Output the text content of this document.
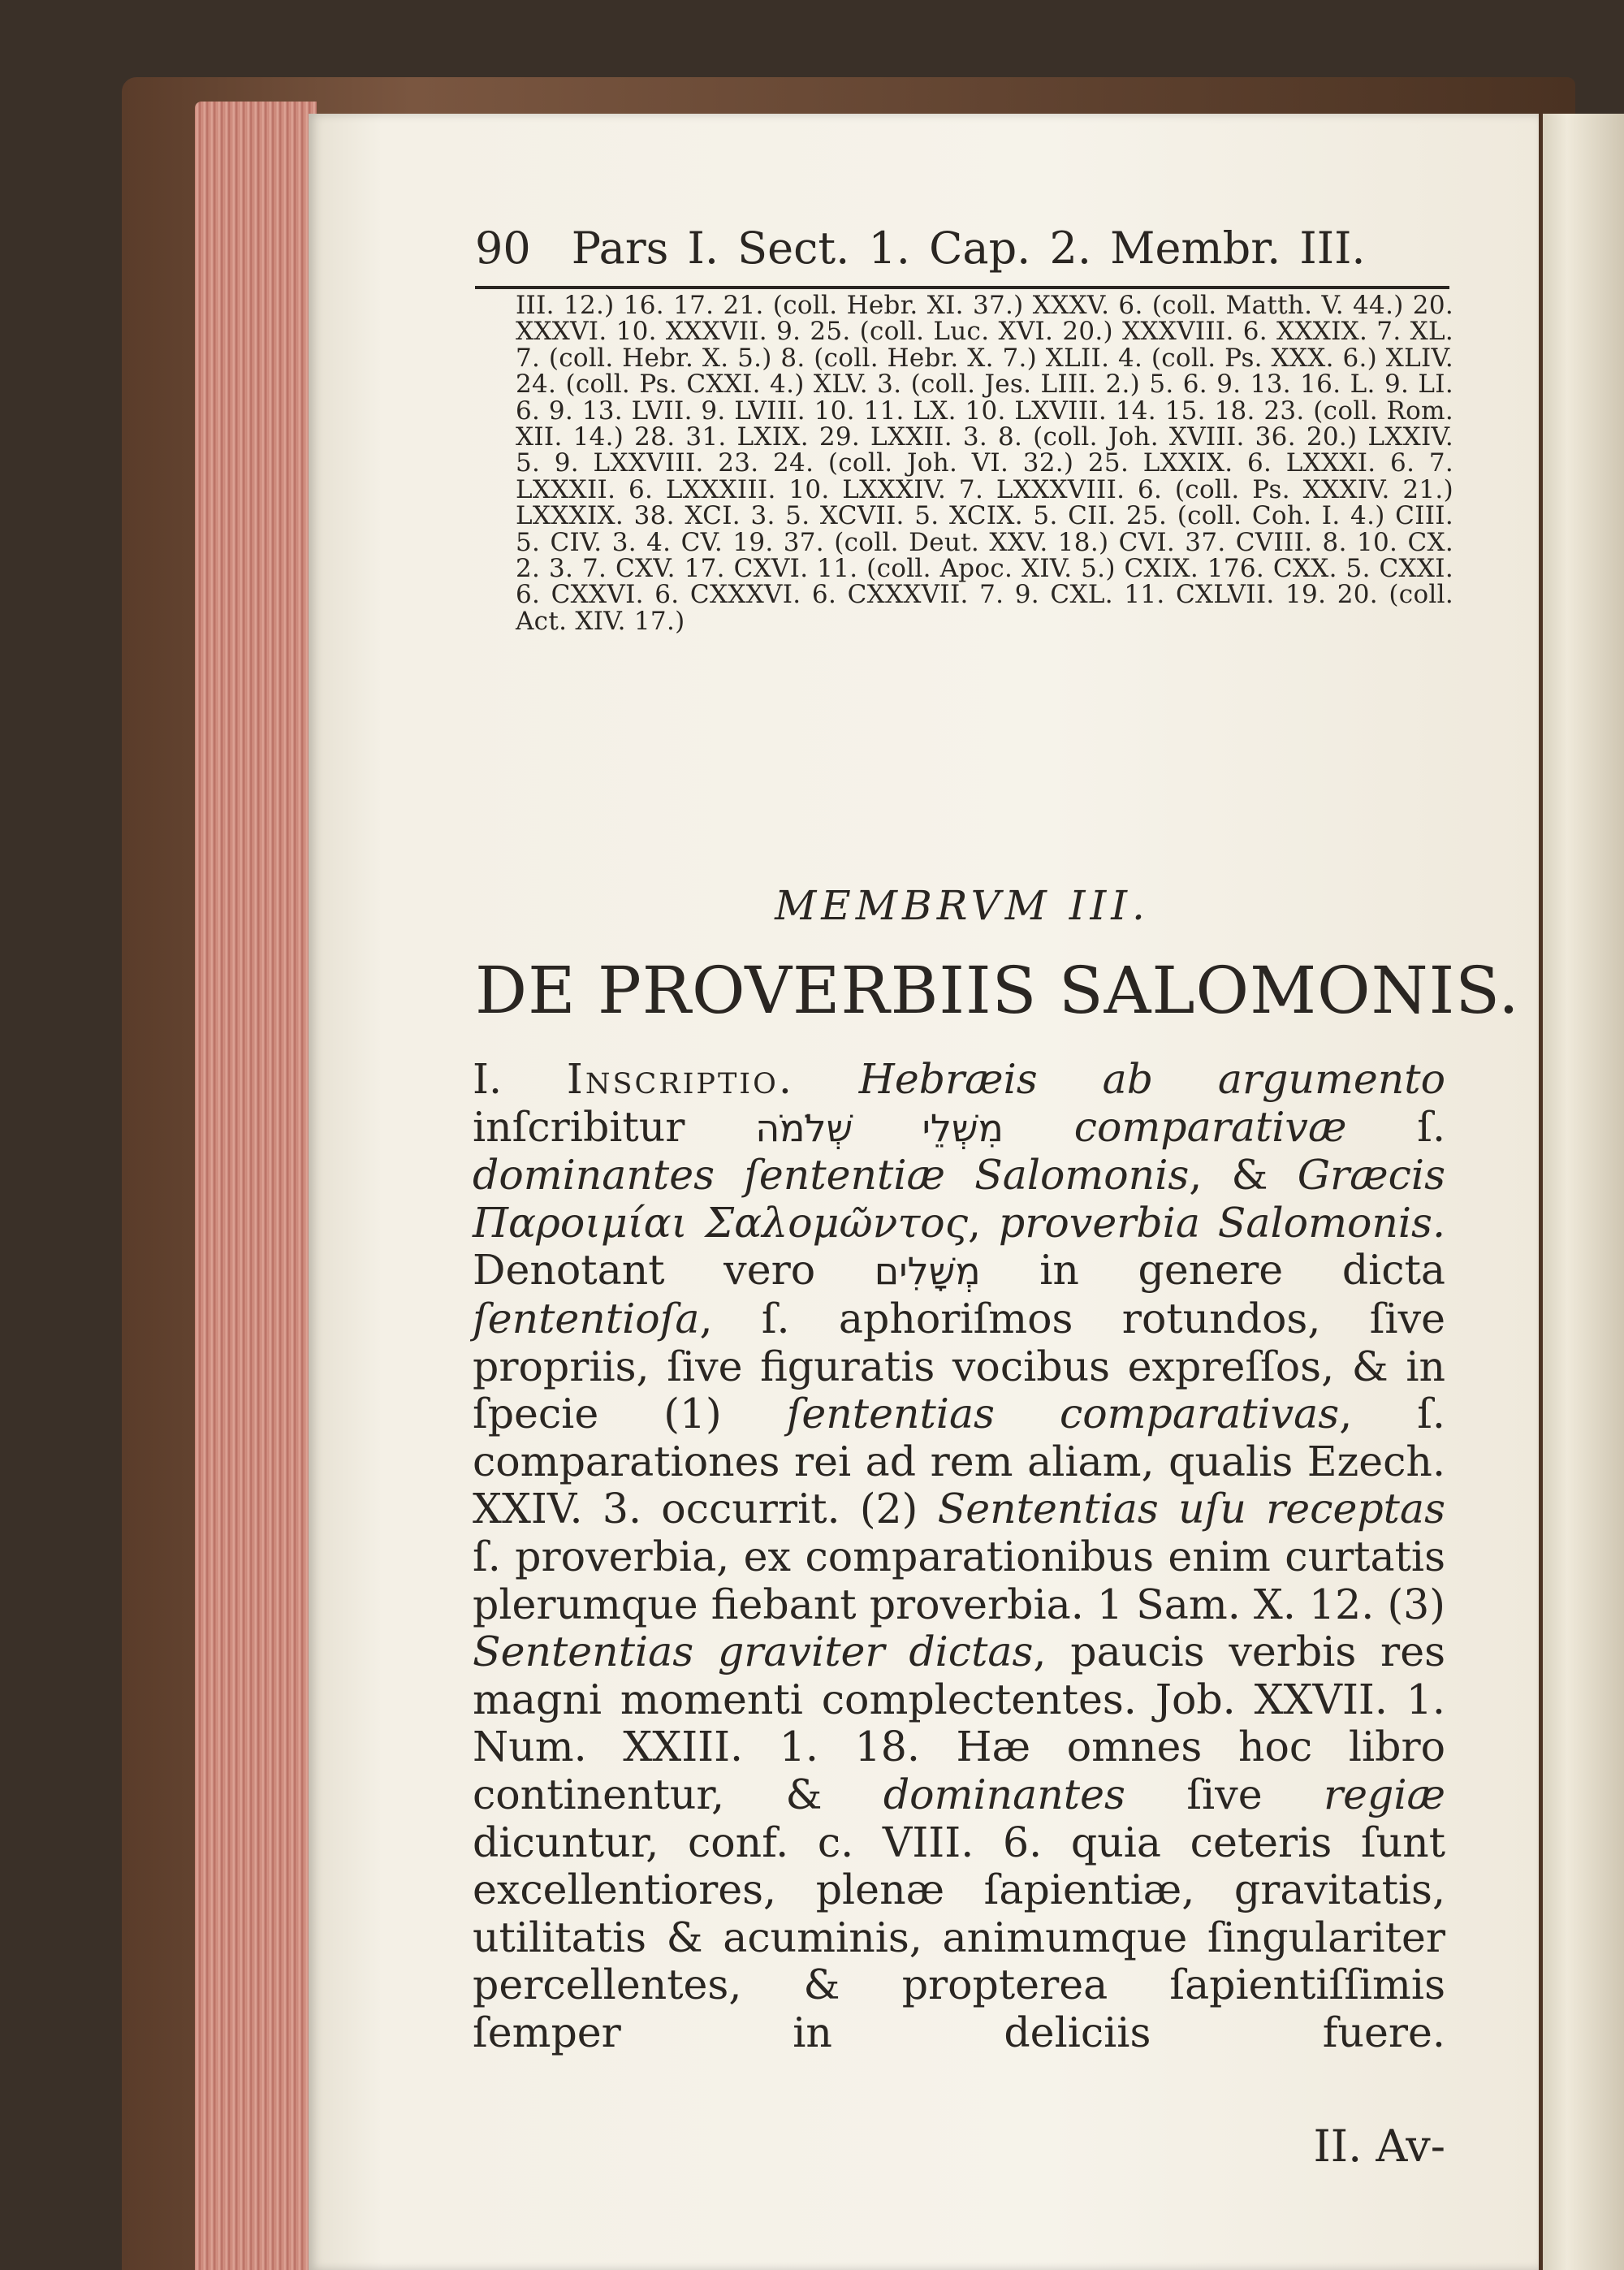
90 Pars I. Sect. 1. Cap. 2. Membr. III.
III. 12.) 16. 17. 21. (coll. Hebr. XI. 37.) XXXV. 6. (coll. Matth. V. 44.) 20. XXXVI. 10. XXXVII. 9. 25. (coll. Luc. XVI. 20.) XXXVIII. 6. XXXIX. 7. XL. 7. (coll. Hebr. X. 5.) 8. (coll. Hebr. X. 7.) XLII. 4. (coll. Ps. XXX. 6.) XLIV. 24. (coll. Ps. CXXI. 4.) XLV. 3. (coll. Jes. LIII. 2.) 5. 6. 9. 13. 16. L. 9. LI. 6. 9. 13. LVII. 9. LVIII. 10. 11. LX. 10. LXVIII. 14. 15. 18. 23. (coll. Rom. XII. 14.) 28. 31. LXIX. 29. LXXII. 3. 8. (coll. Joh. XVIII. 36. 20.) LXXIV. 5. 9. LXXVIII. 23. 24. (coll. Joh. VI. 32.) 25. LXXIX. 6. LXXXI. 6. 7. LXXXII. 6. LXXXIII. 10. LXXXIV. 7. LXXXVIII. 6. (coll. Ps. XXXIV. 21.) LXXXIX. 38. XCI. 3. 5. XCVII. 5. XCIX. 5. CII. 25. (coll. Coh. I. 4.) CIII. 5. CIV. 3. 4. CV. 19. 37. (coll. Deut. XXV. 18.) CVI. 37. CVIII. 8. 10. CX. 2. 3. 7. CXV. 17. CXVI. 11. (coll. Apoc. XIV. 5.) CXIX. 176. CXX. 5. CXXI. 6. CXXVI. 6. CXXXVI. 6. CXXXVII. 7. 9. CXL. 11. CXLVII. 19. 20. (coll. Act. XIV. 17.)
MEMBRVM III.
DE PROVERBIIS SALOMONIS.

I. Inscriptio. Hebræis ab argumento inſcribitur מִשְׁלֵי שְׁלֹמֹה comparativæ ſ. dominantes ſententiæ Salomonis, & Græcis Παροιμίαι Σαλομῶντος, proverbia Salomonis. Denotant vero מְשָׁלִים in genere dicta ſententioſa, ſ. aphoriſmos rotundos, ſive propriis, ſive figuratis vocibus expreſſos, & in ſpecie (1) ſententias comparativas, ſ. comparationes rei ad rem aliam, qualis Ezech. XXIV. 3. occurrit. (2) Sententias uſu receptas ſ. proverbia, ex comparationibus enim curtatis plerumque fiebant proverbia. 1 Sam. X. 12. (3) Sententias graviter dictas, paucis verbis res magni momenti complectentes. Job. XXVII. 1. Num. XXIII. 1. 18. Hæ omnes hoc libro continentur, & dominantes ſive regiæ dicuntur, conf. c. VIII. 6. quia ceteris ſunt excellentiores, plenæ ſapientiæ, gravitatis, utilitatis & acuminis, animumque ſingulariter percellentes, & propterea ſapientiſſimis ſemper in deliciis fuere.

II. Av-
